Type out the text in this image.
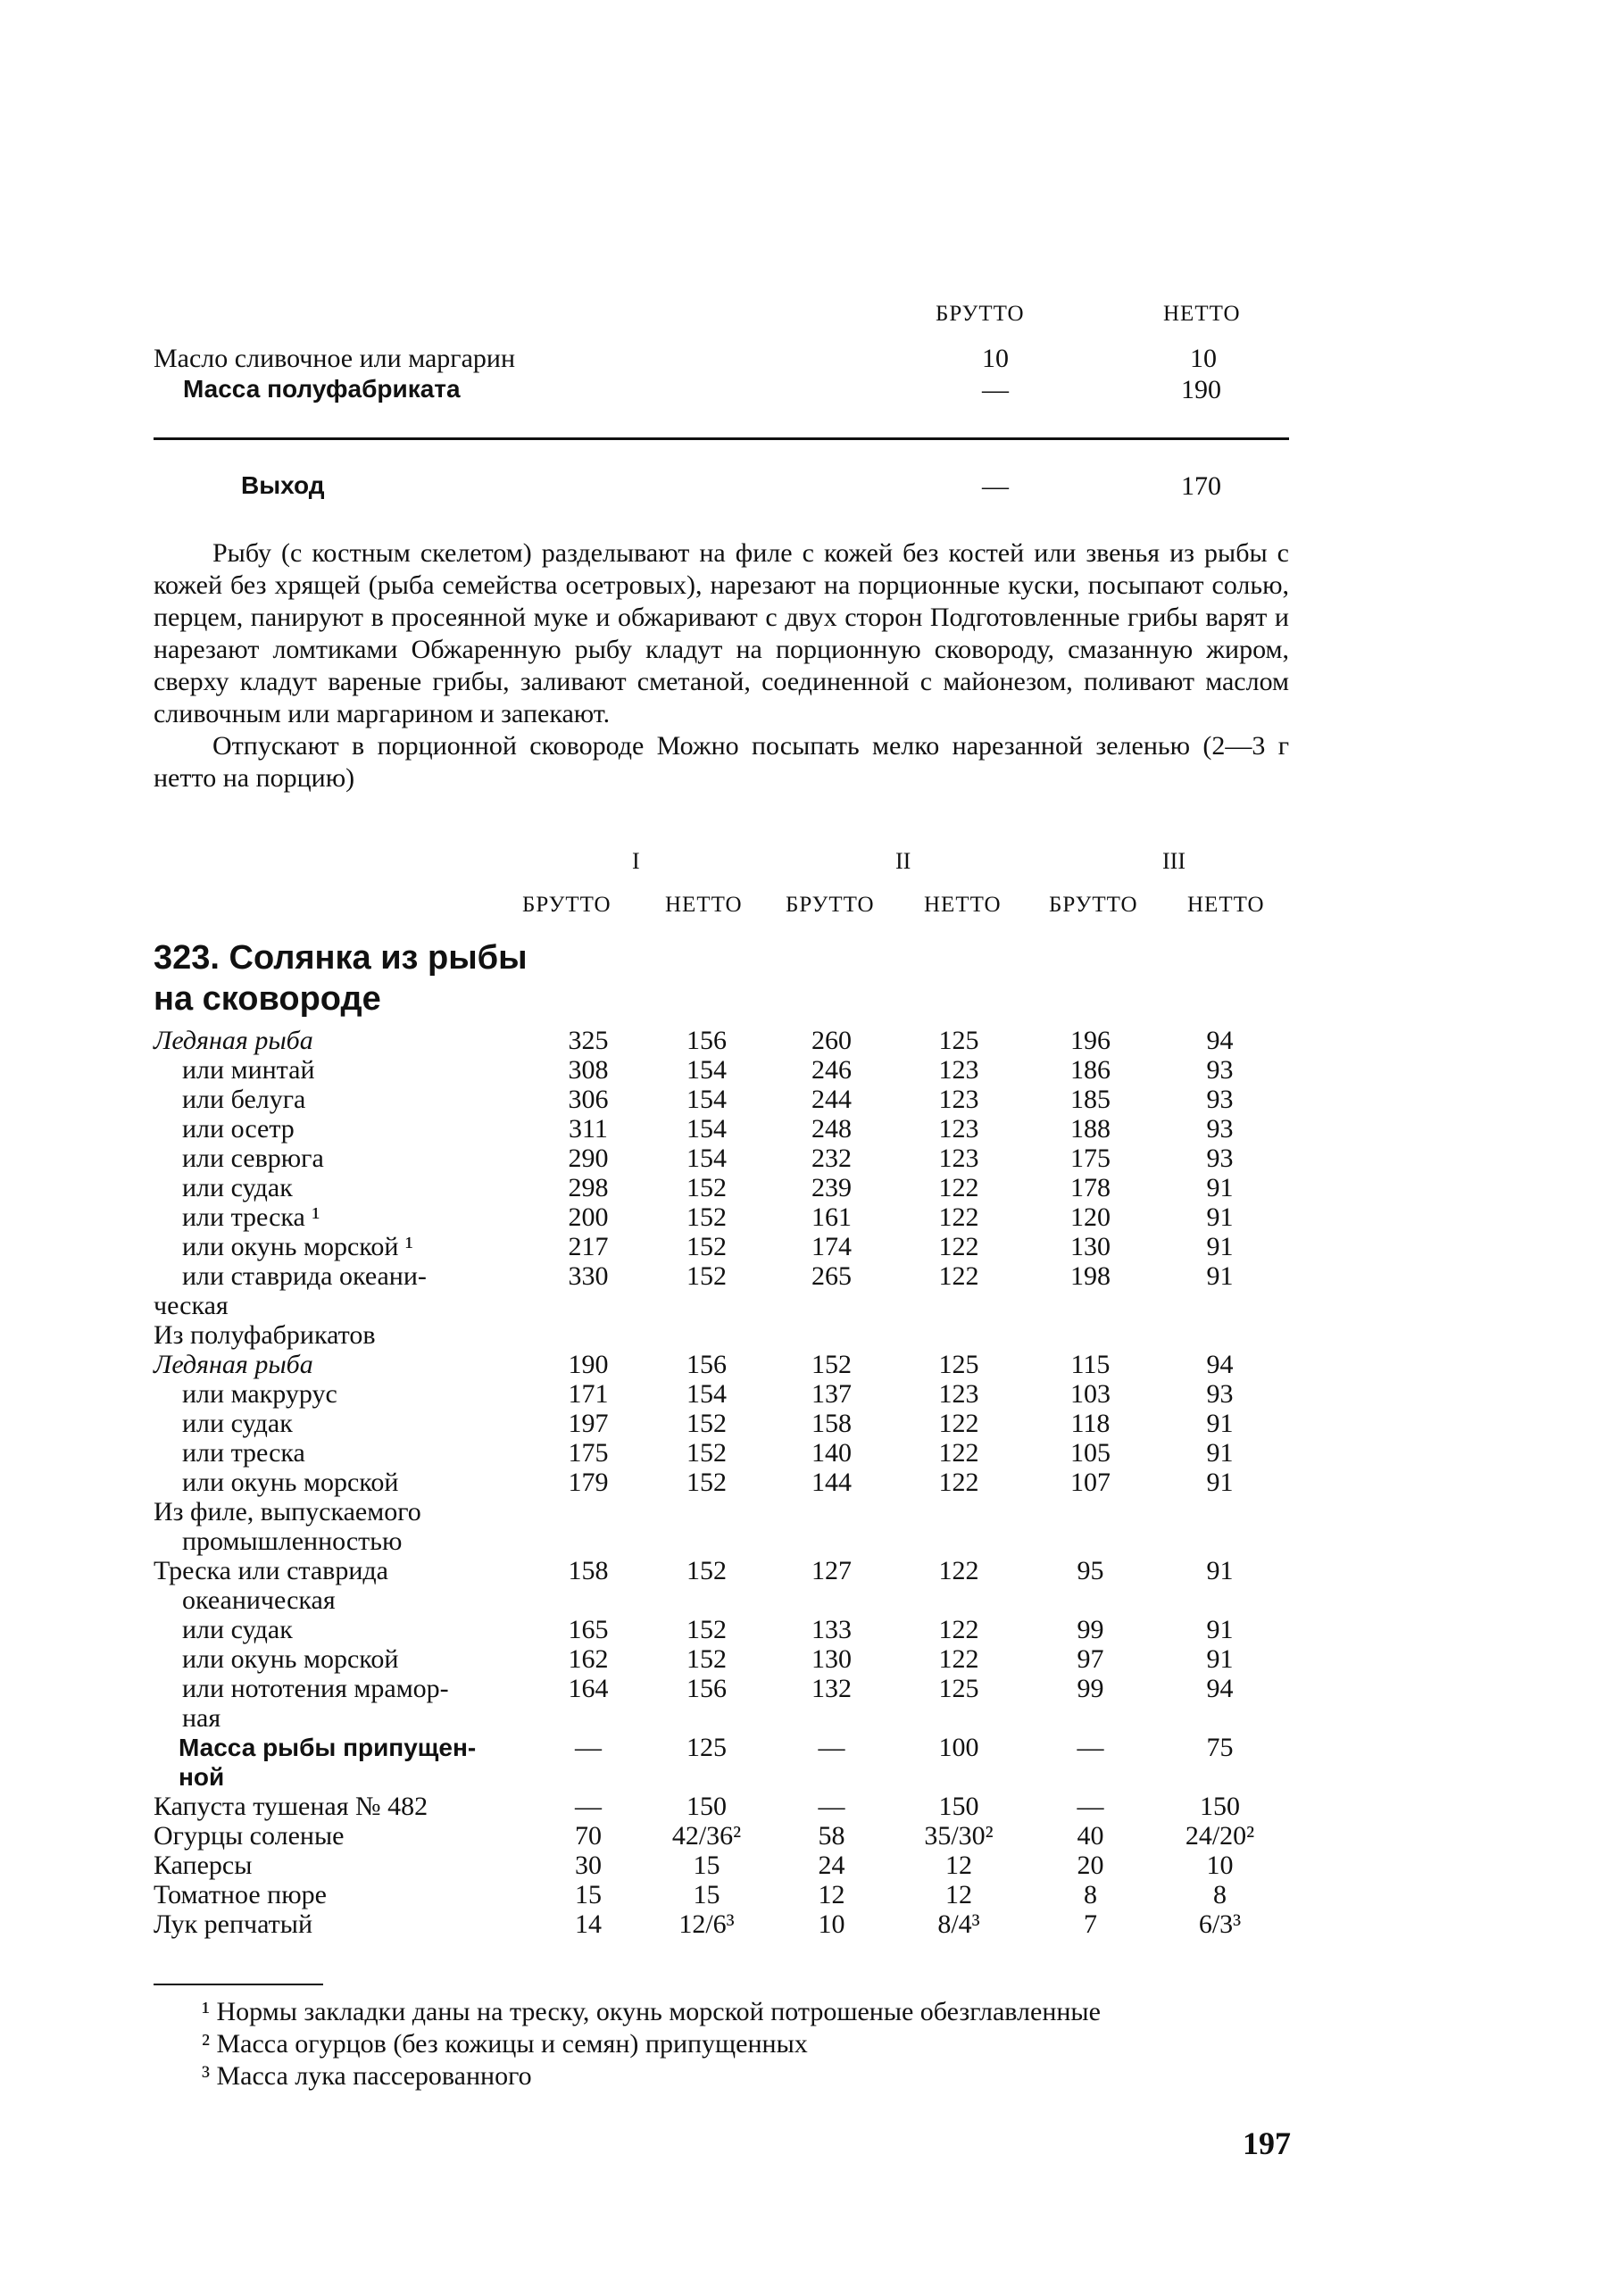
БРУТТО	НЕТТО
Масло сливочное или маргарин	10	10
Масса полуфабриката	—	190
Выход	—	170

Рыбу (с костным скелетом) разделывают на филе с кожей без костей или звенья из рыбы с кожей без хрящей (рыба семейства осетровых), нарезают на порционные куски, посыпают солью, перцем, панируют в просеянной муке и обжаривают с двух сторон Подготовленные грибы варят и нарезают ломтиками Обжаренную рыбу кладут на порционную сковороду, смазанную жиром, сверху кладут вареные грибы, заливают сметаной, соединенной с майонезом, поливают маслом сливочным или маргарином и запекают.

Отпускают в порционной сковороде Можно посыпать мелко нарезанной зеленью (2—3 г нетто на порцию)

I	II	III
БРУТТО НЕТТО БРУТТО НЕТТО БРУТТО НЕТТО
323. Солянка из рыбы на сковороде
Ледяная рыба	325	156	260	125	196	94
или минтай	308	154	246	123	186	93
или белуга	306	154	244	123	185	93
или осетр	311	154	248	123	188	93
или севрюга	290	154	232	123	175	93
или судак	298	152	239	122	178	91
или треска ¹	200	152	161	122	120	91
или окунь морской ¹	217	152	174	122	130	91
или ставрида океани-	330	152	265	122	198	91
ческая						
Из полуфабрикатов						
Ледяная рыба	190	156	152	125	115	94
или макрурус	171	154	137	123	103	93
или судак	197	152	158	122	118	91
или треска	175	152	140	122	105	91
или окунь морской	179	152	144	122	107	91
Из филе, выпускаемого						
промышленностью						
Треска или ставрида	158	152	127	122	95	91
океаническая						
или судак	165	152	133	122	99	91
или окунь морской	162	152	130	122	97	91
или нототения мрамор-	164	156	132	125	99	94
ная						
Масса рыбы припущен-	—	125	—	100	—	75
ной						
Капуста тушеная № 482	—	150	—	150	—	150
Огурцы соленые	70	42/36²	58	35/30²	40	24/20²
Каперсы	30	15	24	12	20	10
Томатное пюре	15	15	12	12	8	8
Лук репчатый	14	12/6³	10	8/4³	7	6/3³

¹ Нормы закладки даны на треску, окунь морской потрошеные обезглавленные

² Масса огурцов (без кожицы и семян) припущенных

³ Масса лука пассерованного

197
